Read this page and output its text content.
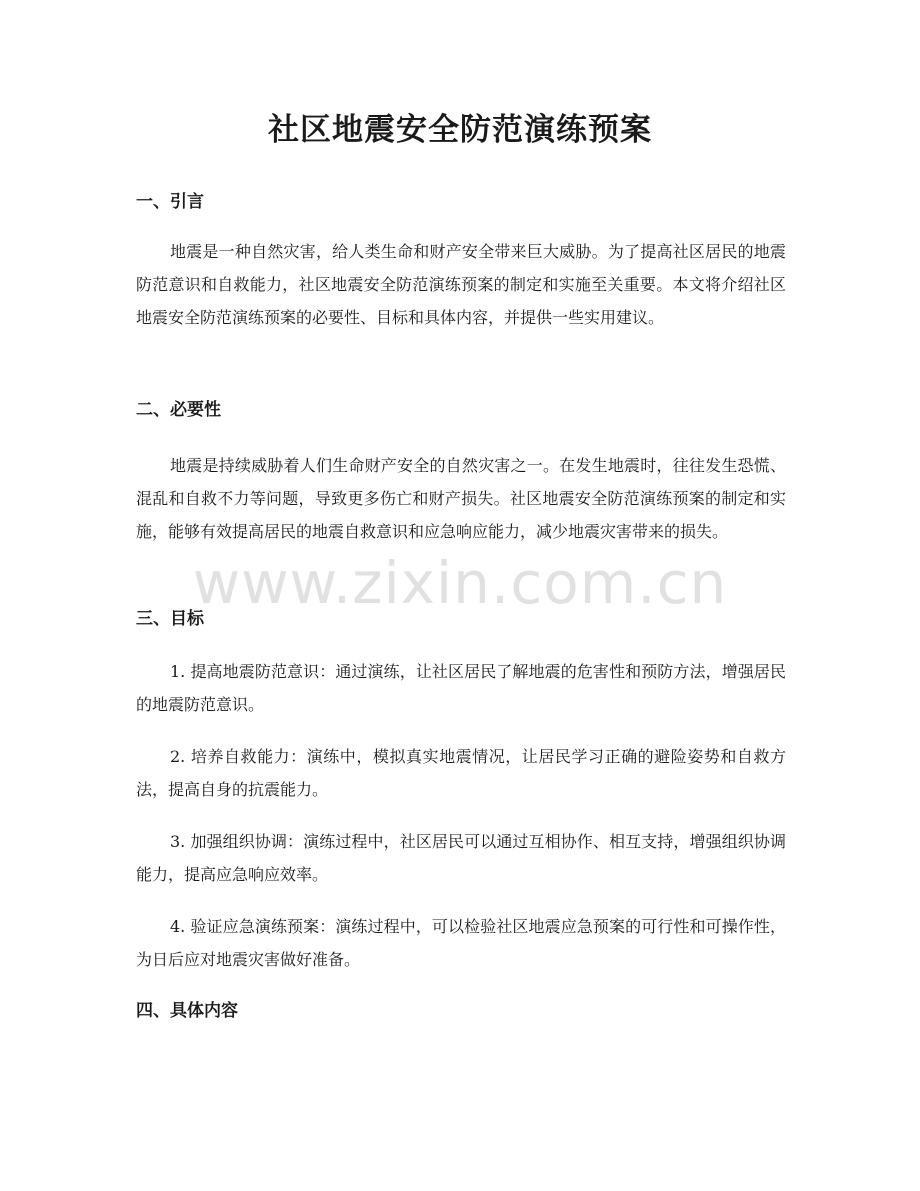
社区地震安全防范演练预案
一、引言

地震是一种自然灾害，给人类生命和财产安全带来巨大威胁。为了提高社区居民的地震防范意识和自救能力，社区地震安全防范演练预案的制定和实施至关重要。本文将介绍社区地震安全防范演练预案的必要性、目标和具体内容，并提供一些实用建议。

二、必要性

地震是持续威胁着人们生命财产安全的自然灾害之一。在发生地震时，往往发生恐慌、混乱和自救不力等问题，导致更多伤亡和财产损失。社区地震安全防范演练预案的制定和实施，能够有效提高居民的地震自救意识和应急响应能力，减少地震灾害带来的损失。

三、目标

1. 提高地震防范意识：通过演练，让社区居民了解地震的危害性和预防方法，增强居民的地震防范意识。

2. 培养自救能力：演练中，模拟真实地震情况，让居民学习正确的避险姿势和自救方法，提高自身的抗震能力。

3. 加强组织协调：演练过程中，社区居民可以通过互相协作、相互支持，增强组织协调能力，提高应急响应效率。

4. 验证应急演练预案：演练过程中，可以检验社区地震应急预案的可行性和可操作性，为日后应对地震灾害做好准备。

四、具体内容
www.zixin.com.cn
